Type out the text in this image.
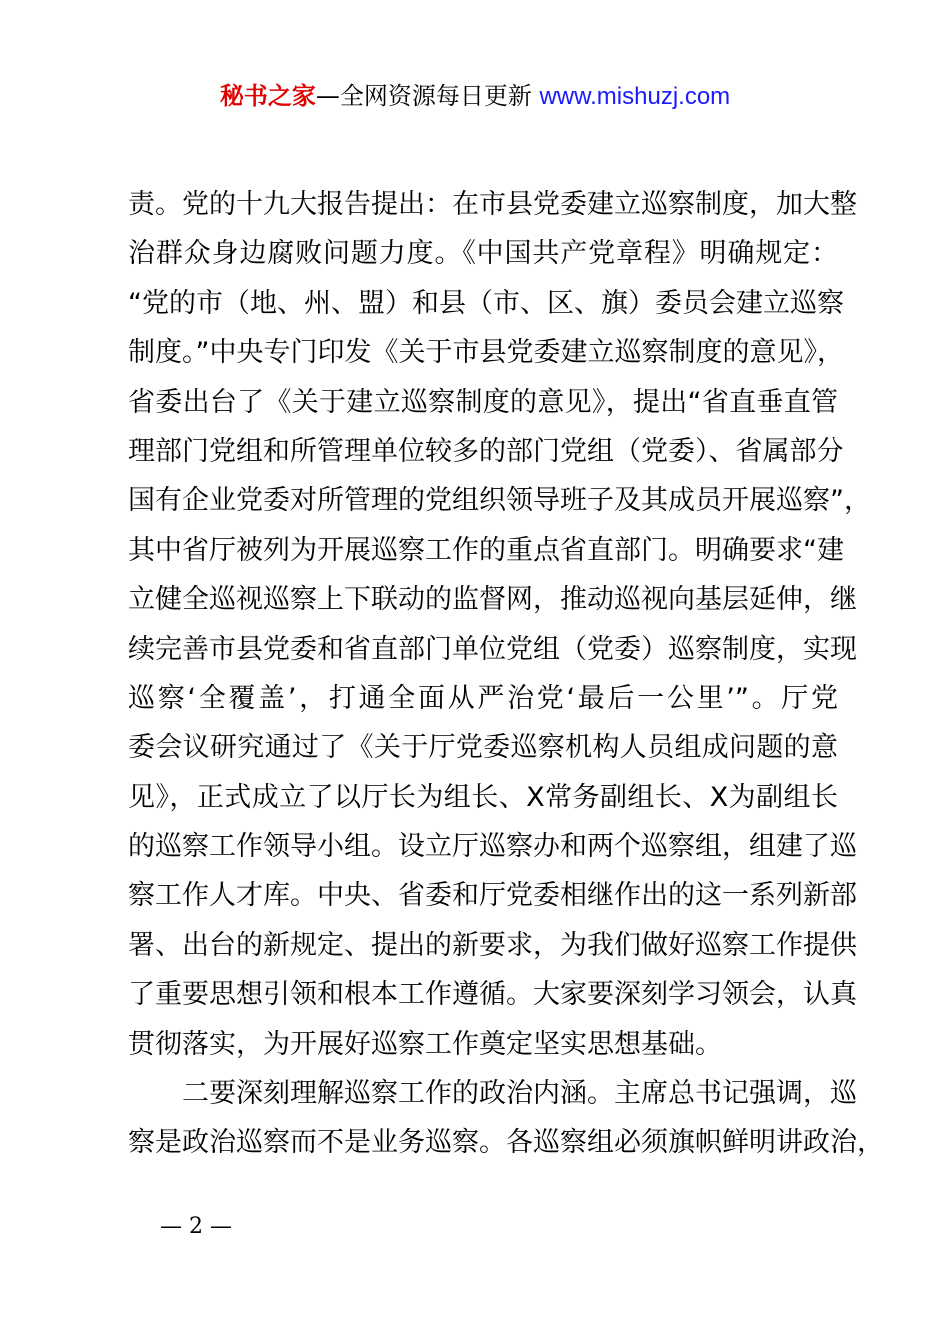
秘书之家—全网资源每日更新 www.mishuzj.com
责。党的十九大报告提出：在市县党委建立巡察制度，加大整
治群众身边腐败问题力度。《中国共产党章程》明确规定：
“党的市（地、州、盟）和县（市、区、旗）委员会建立巡察
制度。”中央专门印发《关于市县党委建立巡察制度的意见》，
省委出台了《关于建立巡察制度的意见》，提出“省直垂直管
理部门党组和所管理单位较多的部门党组（党委）、省属部分
国有企业党委对所管理的党组织领导班子及其成员开展巡察”，
其中省厅被列为开展巡察工作的重点省直部门。明确要求“建
立健全巡视巡察上下联动的监督网，推动巡视向基层延伸，继
续完善市县党委和省直部门单位党组（党委）巡察制度，实现
巡察‘全覆盖’，打通全面从严治党‘最后一公里’”。厅党
委会议研究通过了《关于厅党委巡察机构人员组成问题的意
见》，正式成立了以厅长为组长、X常务副组长、X为副组长
的巡察工作领导小组。设立厅巡察办和两个巡察组，组建了巡
察工作人才库。中央、省委和厅党委相继作出的这一系列新部
署、出台的新规定、提出的新要求，为我们做好巡察工作提供
了重要思想引领和根本工作遵循。大家要深刻学习领会，认真
贯彻落实，为开展好巡察工作奠定坚实思想基础。
二要深刻理解巡察工作的政治内涵。主席总书记强调，巡
察是政治巡察而不是业务巡察。各巡察组必须旗帜鲜明讲政治，
— 2 —
